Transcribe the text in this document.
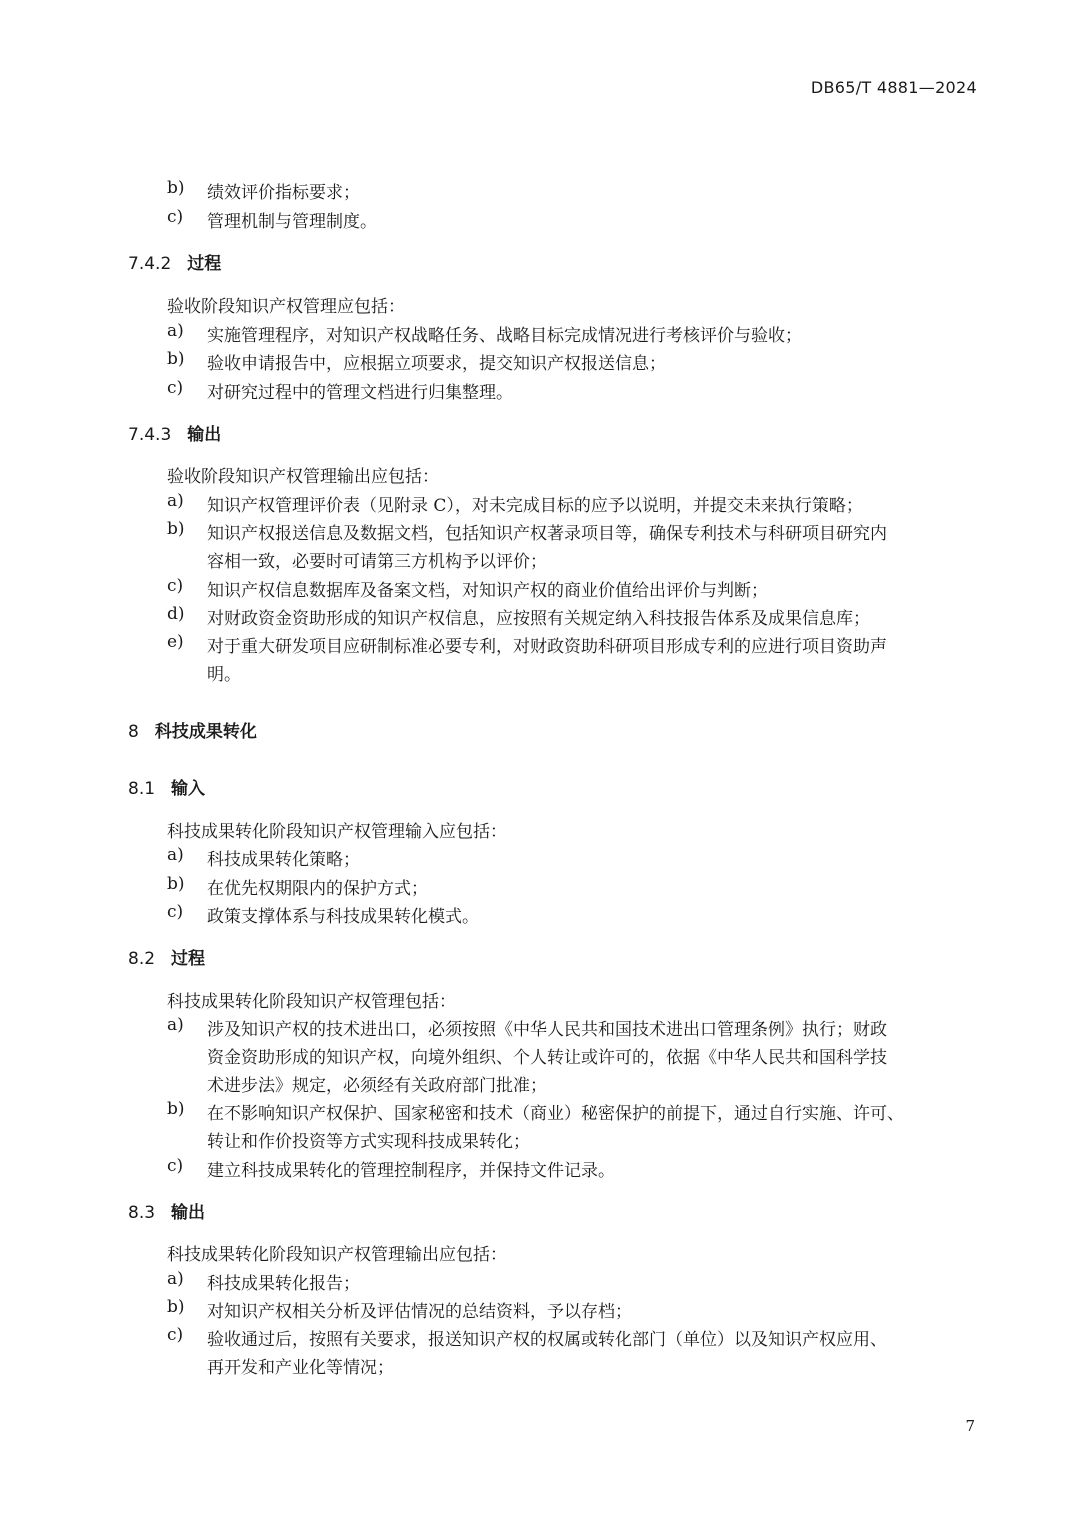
DB65/T 4881—2024
b) 绩效评价指标要求；
c) 管理机制与管理制度。
7.4.2 过程
验收阶段知识产权管理应包括：
a) 实施管理程序，对知识产权战略任务、战略目标完成情况进行考核评价与验收；
b) 验收申请报告中，应根据立项要求，提交知识产权报送信息；
c) 对研究过程中的管理文档进行归集整理。
7.4.3 输出
验收阶段知识产权管理输出应包括：
a) 知识产权管理评价表（见附录 C），对未完成目标的应予以说明，并提交未来执行策略；
b) 知识产权报送信息及数据文档，包括知识产权著录项目等，确保专利技术与科研项目研究内
容相一致，必要时可请第三方机构予以评价；
c) 知识产权信息数据库及备案文档，对知识产权的商业价值给出评价与判断；
d) 对财政资金资助形成的知识产权信息，应按照有关规定纳入科技报告体系及成果信息库；
e) 对于重大研发项目应研制标准必要专利，对财政资助科研项目形成专利的应进行项目资助声
明。
8 科技成果转化
8.1 输入
科技成果转化阶段知识产权管理输入应包括：
a) 科技成果转化策略；
b) 在优先权期限内的保护方式；
c) 政策支撑体系与科技成果转化模式。
8.2 过程
科技成果转化阶段知识产权管理包括：
a) 涉及知识产权的技术进出口，必须按照《中华人民共和国技术进出口管理条例》执行；财政
资金资助形成的知识产权，向境外组织、个人转让或许可的，依据《中华人民共和国科学技
术进步法》规定，必须经有关政府部门批准；
b) 在不影响知识产权保护、国家秘密和技术（商业）秘密保护的前提下，通过自行实施、许可、
转让和作价投资等方式实现科技成果转化；
c) 建立科技成果转化的管理控制程序，并保持文件记录。
8.3 输出
科技成果转化阶段知识产权管理输出应包括：
a) 科技成果转化报告；
b) 对知识产权相关分析及评估情况的总结资料，予以存档；
c) 验收通过后，按照有关要求，报送知识产权的权属或转化部门（单位）以及知识产权应用、
再开发和产业化等情况；
7
